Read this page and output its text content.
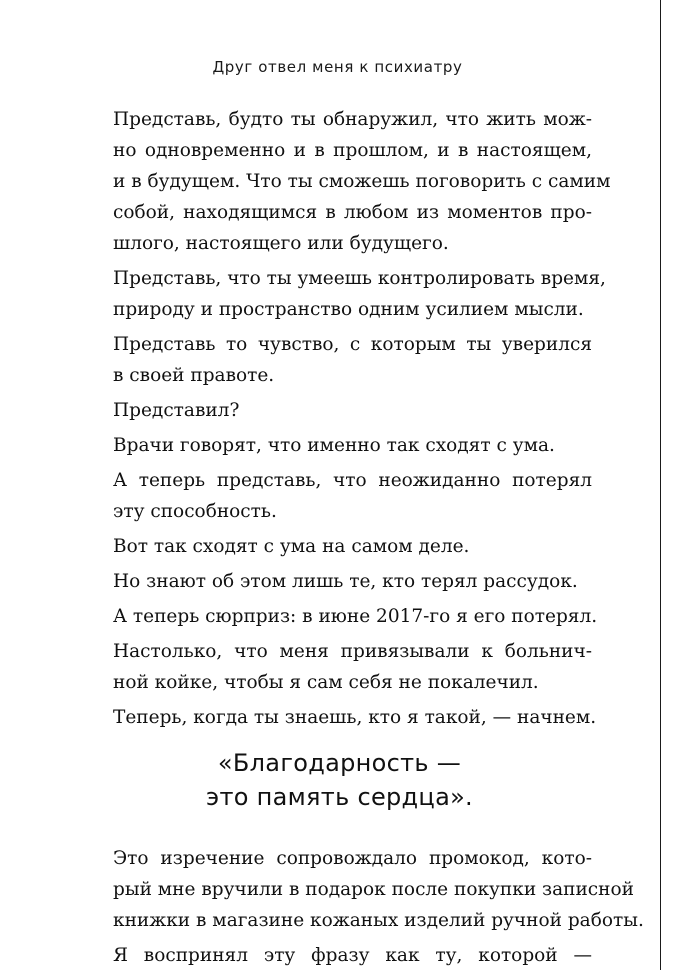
Друг отвел меня к психиатру
Представь, будто ты обнаружил, что жить мож-
но одновременно и в прошлом, и в настоящем,
и в будущем. Что ты сможешь поговорить с самим
собой, находящимся в любом из моментов про-
шлого, настоящего или будущего.
Представь, что ты умеешь контролировать время,
природу и пространство одним усилием мысли.
Представь то чувство, с которым ты уверился
в своей правоте.
Представил?
Врачи говорят, что именно так сходят с ума.
А теперь представь, что неожиданно потерял
эту способность.
Вот так сходят с ума на самом деле.
Но знают об этом лишь те, кто терял рассудок.
А теперь сюрприз: в июне 2017-го я его потерял.
Настолько, что меня привязывали к больнич-
ной койке, чтобы я сам себя не покалечил.
Теперь, когда ты знаешь, кто я такой, — начнем.
«Благодарность —
это память сердца».
Это изречение сопровождало промокод, кото-
рый мне вручили в подарок после покупки записной
книжки в магазине кожаных изделий ручной работы.
Я воспринял эту фразу как ту, которой —
